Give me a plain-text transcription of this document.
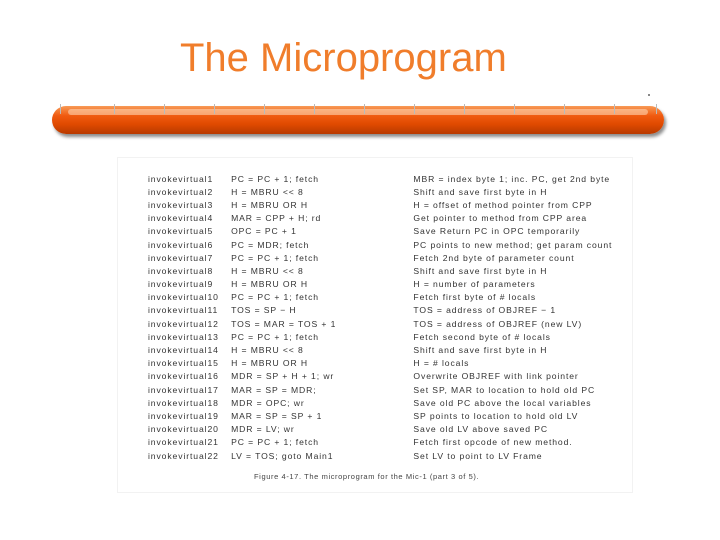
The Microprogram
invokevirtual1	PC = PC + 1; fetch	MBR = index byte 1; inc. PC, get 2nd byte
invokevirtual2	H = MBRU << 8	Shift and save first byte in H
invokevirtual3	H = MBRU OR H	H = offset of method pointer from CPP
invokevirtual4	MAR = CPP + H; rd	Get pointer to method from CPP area
invokevirtual5	OPC = PC + 1	Save Return PC in OPC temporarily
invokevirtual6	PC = MDR; fetch	PC points to new method; get param count
invokevirtual7	PC = PC + 1; fetch	Fetch 2nd byte of parameter count
invokevirtual8	H = MBRU << 8	Shift and save first byte in H
invokevirtual9	H = MBRU OR H	H = number of parameters
invokevirtual10	PC = PC + 1; fetch	Fetch first byte of # locals
invokevirtual11	TOS = SP − H	TOS = address of OBJREF − 1
invokevirtual12	TOS = MAR = TOS + 1	TOS = address of OBJREF (new LV)
invokevirtual13	PC = PC + 1; fetch	Fetch second byte of # locals
invokevirtual14	H = MBRU << 8	Shift and save first byte in H
invokevirtual15	H = MBRU OR H	H = # locals
invokevirtual16	MDR = SP + H + 1; wr	Overwrite OBJREF with link pointer
invokevirtual17	MAR = SP = MDR;	Set SP, MAR to location to hold old PC
invokevirtual18	MDR = OPC; wr	Save old PC above the local variables
invokevirtual19	MAR = SP = SP + 1	SP points to location to hold old LV
invokevirtual20	MDR = LV; wr	Save old LV above saved PC
invokevirtual21	PC = PC + 1; fetch	Fetch first opcode of new method.
invokevirtual22	LV = TOS; goto Main1	Set LV to point to LV Frame
Figure 4-17. The microprogram for the Mic-1 (part 3 of 5).
